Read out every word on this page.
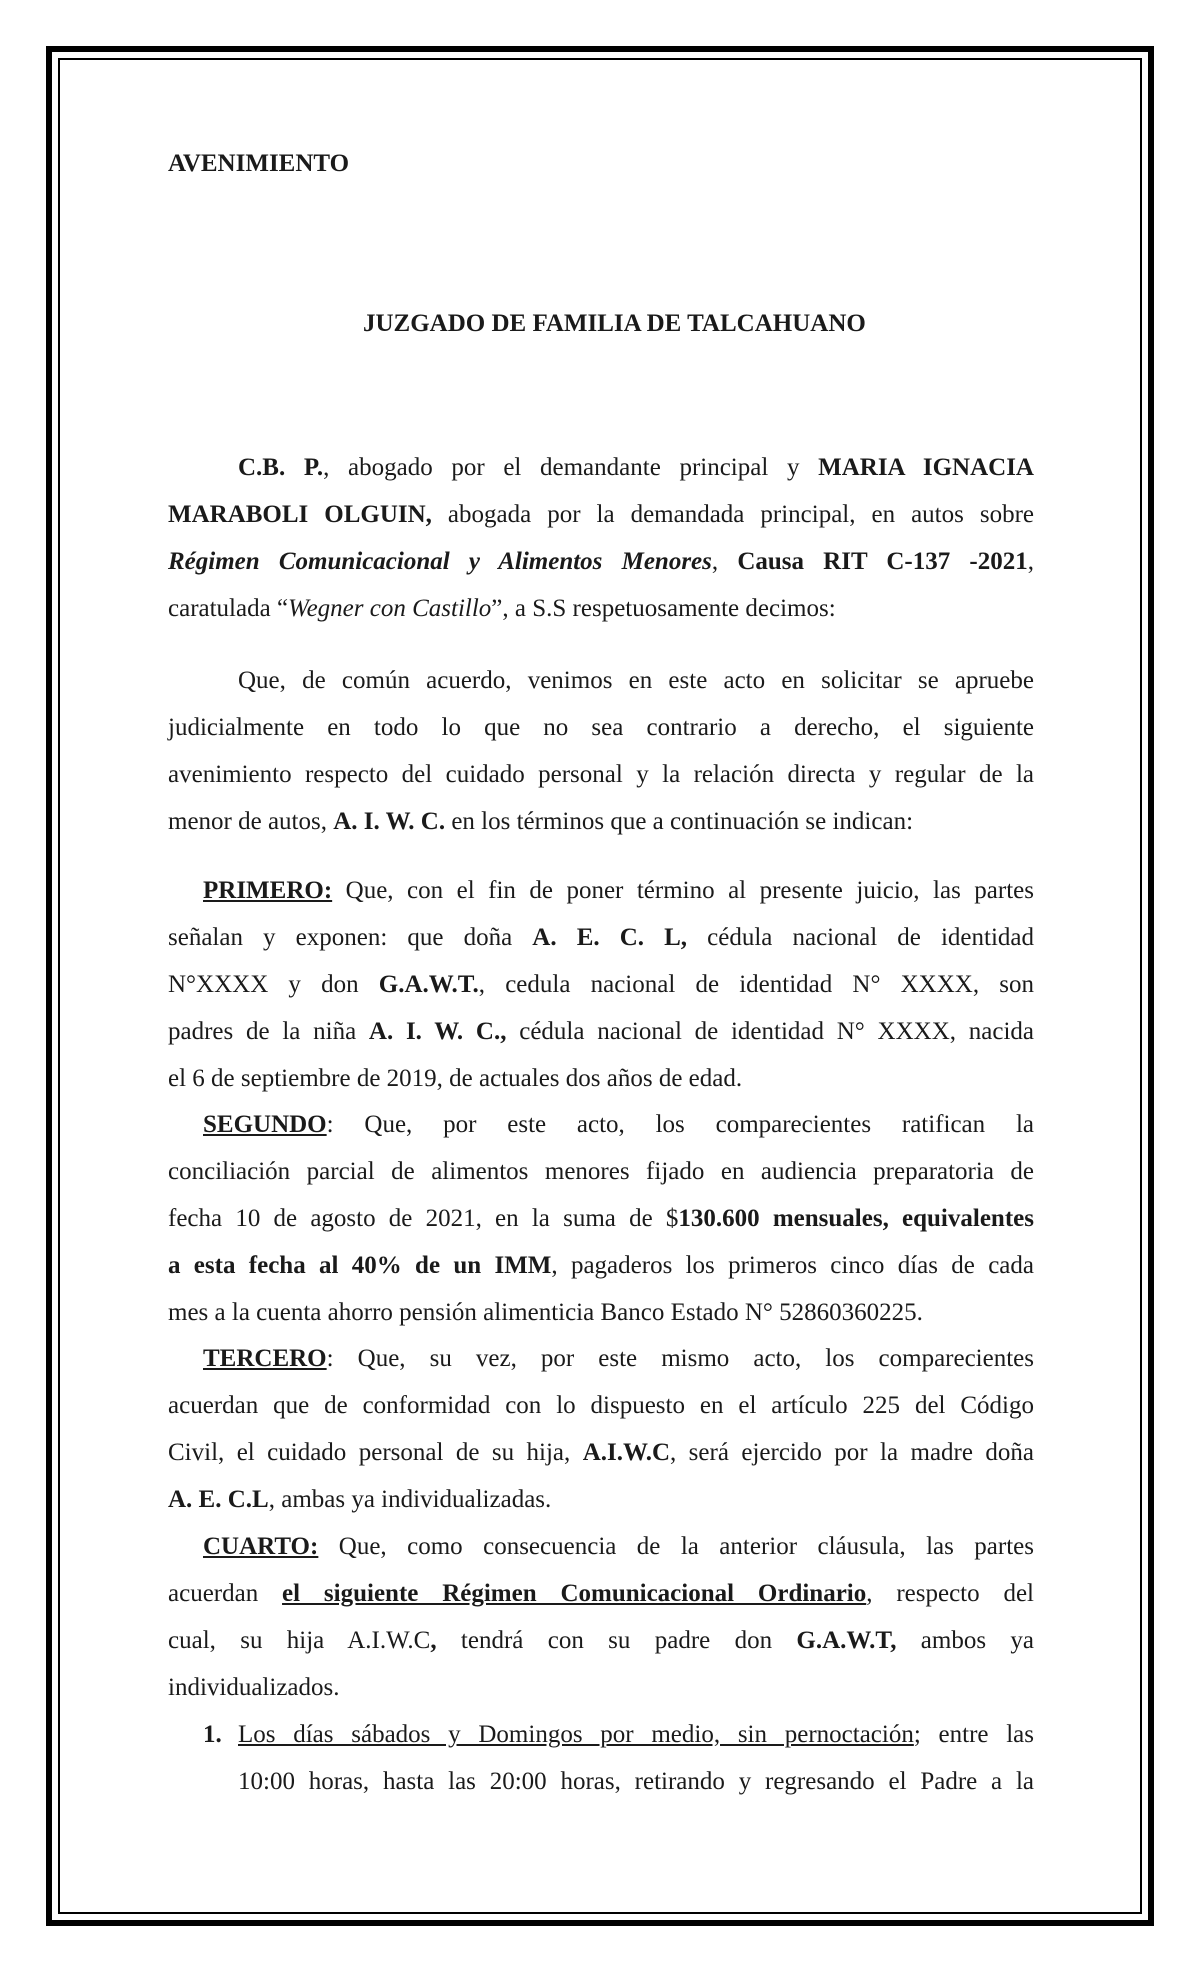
AVENIMIENTO
JUZGADO DE FAMILIA DE TALCAHUANO
C.B. P., abogado por el demandante principal y MARIA IGNACIA
MARABOLI OLGUIN, abogada por la demandada principal, en autos sobre
Régimen Comunicacional y Alimentos Menores, Causa RIT C-137 -2021,
caratulada “Wegner con Castillo”, a S.S respetuosamente decimos:
Que, de común acuerdo, venimos en este acto en solicitar se apruebe
judicialmente en todo lo que no sea contrario a derecho, el siguiente
avenimiento respecto del cuidado personal y la relación directa y regular de la
menor de autos, A. I. W. C. en los términos que a continuación se indican:
PRIMERO: Que, con el fin de poner término al presente juicio, las partes
señalan y exponen: que doña A. E. C. L, cédula nacional de identidad
N°XXXX y don G.A.W.T., cedula nacional de identidad N° XXXX, son
padres de la niña A. I. W. C., cédula nacional de identidad N° XXXX, nacida
el 6 de septiembre de 2019, de actuales dos años de edad.
SEGUNDO: Que, por este acto, los comparecientes ratifican la
conciliación parcial de alimentos menores fijado en audiencia preparatoria de
fecha 10 de agosto de 2021, en la suma de $130.600 mensuales, equivalentes
a esta fecha al 40% de un IMM, pagaderos los primeros cinco días de cada
mes a la cuenta ahorro pensión alimenticia Banco Estado N° 52860360225.
TERCERO: Que, su vez, por este mismo acto, los comparecientes
acuerdan que de conformidad con lo dispuesto en el artículo 225 del Código
Civil, el cuidado personal de su hija, A.I.W.C, será ejercido por la madre doña
A. E. C.L, ambas ya individualizadas.
CUARTO: Que, como consecuencia de la anterior cláusula, las partes
acuerdan el siguiente Régimen Comunicacional Ordinario, respecto del
cual, su hija A.I.W.C, tendrá con su padre don G.A.W.T, ambos ya
individualizados.
1. Los días sábados y Domingos por medio, sin pernoctación; entre las
10:00 horas, hasta las 20:00 horas, retirando y regresando el Padre a la
